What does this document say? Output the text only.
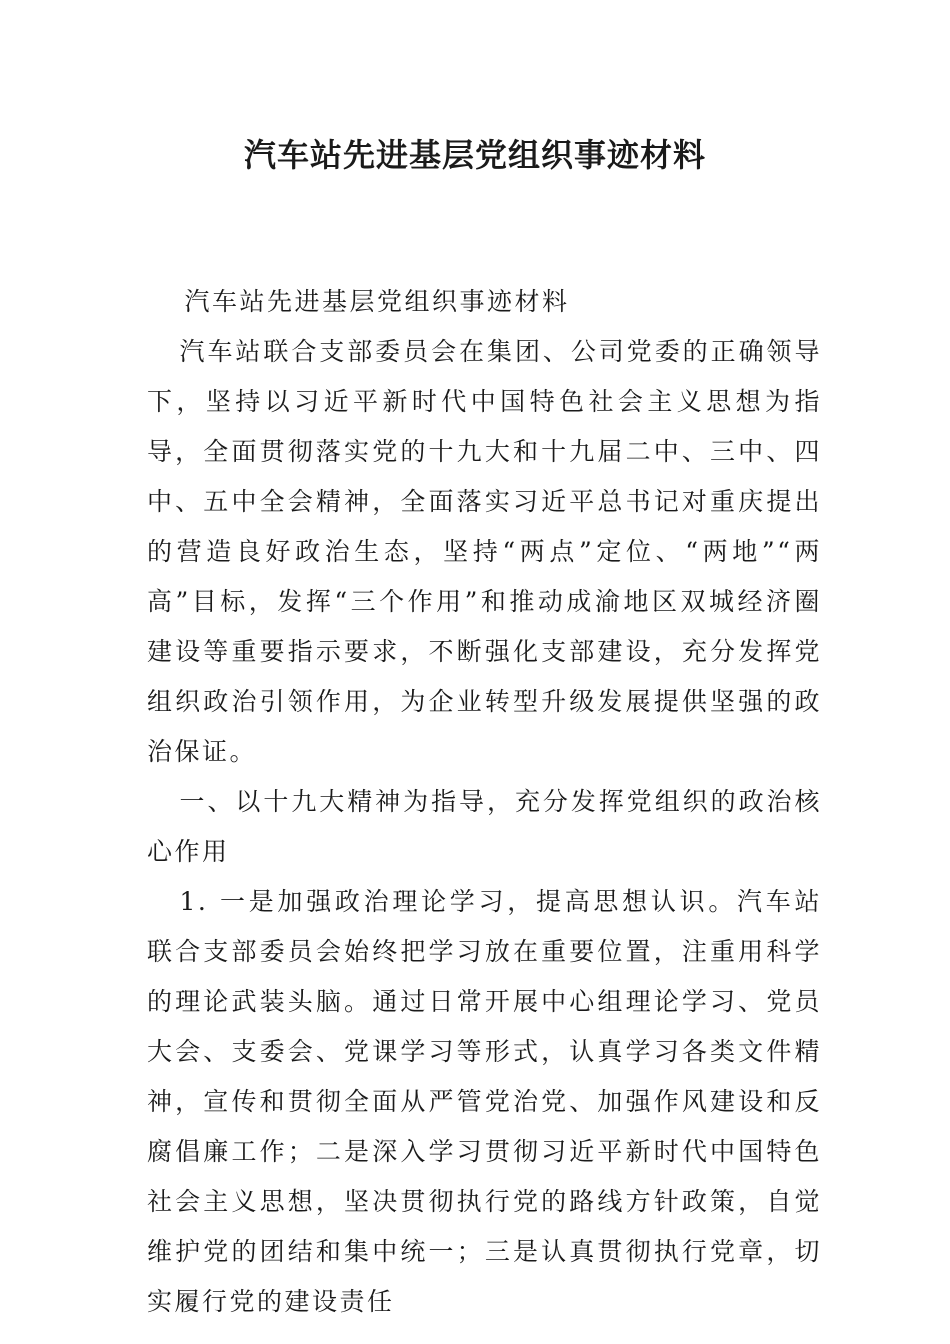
汽车站先进基层党组织事迹材料

汽车站先进基层党组织事迹材料

汽车站联合支部委员会在集团、公司党委的正确领导下，坚持以习近平新时代中国特色社会主义思想为指导，全面贯彻落实党的十九大和十九届二中、三中、四中、五中全会精神，全面落实习近平总书记对重庆提出的营造良好政治生态，坚持“两点”定位、“两地”“两高”目标，发挥“三个作用”和推动成渝地区双城经济圈建设等重要指示要求，不断强化支部建设，充分发挥党组织政治引领作用，为企业转型升级发展提供坚强的政治保证。

一、以十九大精神为指导，充分发挥党组织的政治核心作用

1. 一是加强政治理论学习，提高思想认识。汽车站联合支部委员会始终把学习放在重要位置，注重用科学的理论武装头脑。通过日常开展中心组理论学习、党员大会、支委会、党课学习等形式，认真学习各类文件精神，宣传和贯彻全面从严管党治党、加强作风建设和反腐倡廉工作；二是深入学习贯彻习近平新时代中国特色社会主义思想，坚决贯彻执行党的路线方针政策，自觉维护党的团结和集中统一；三是认真贯彻执行党章，切实履行党的建设责任
